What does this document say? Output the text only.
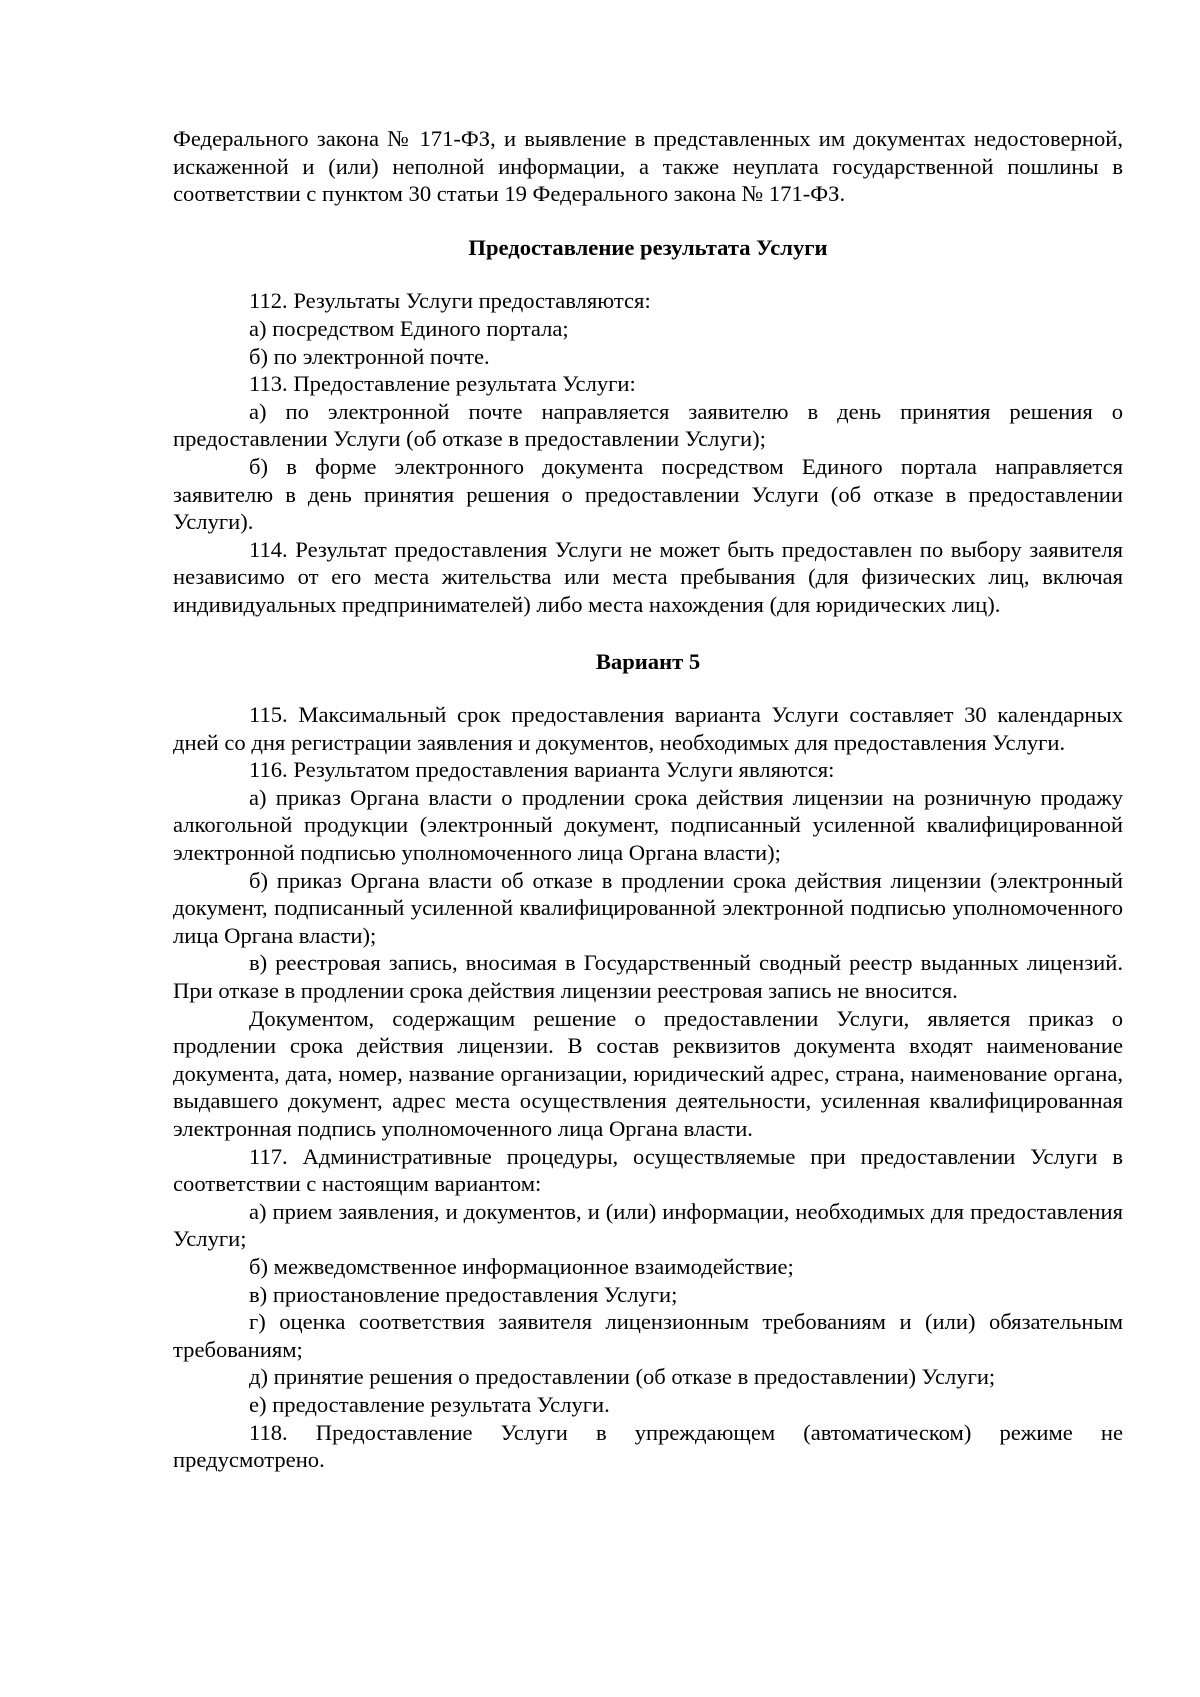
Федерального закона № 171-ФЗ, и выявление в представленных им документах недостоверной, искаженной и (или) неполной информации, а также неуплата государственной пошлины в соответствии с пунктом 30 статьи 19 Федерального закона № 171-ФЗ.

Предоставление результата Услуги

112. Результаты Услуги предоставляются:

а) посредством Единого портала;

б) по электронной почте.

113. Предоставление результата Услуги:

а) по электронной почте направляется заявителю в день принятия решения о предоставлении Услуги (об отказе в предоставлении Услуги);

б) в форме электронного документа посредством Единого портала направляется заявителю в день принятия решения о предоставлении Услуги (об отказе в предоставлении Услуги).

114. Результат предоставления Услуги не может быть предоставлен по выбору заявителя независимо от его места жительства или места пребывания (для физических лиц, включая индивидуальных предпринимателей) либо места нахождения (для юридических лиц).

Вариант 5

115. Максимальный срок предоставления варианта Услуги составляет 30 календарных дней со дня регистрации заявления и документов, необходимых для предоставления Услуги.

116. Результатом предоставления варианта Услуги являются:

а) приказ Органа власти о продлении срока действия лицензии на розничную продажу алкогольной продукции (электронный документ, подписанный усиленной квалифицированной электронной подписью уполномоченного лица Органа власти);

б) приказ Органа власти об отказе в продлении срока действия лицензии (электронный документ, подписанный усиленной квалифицированной электронной подписью уполномоченного лица Органа власти);

в) реестровая запись, вносимая в Государственный сводный реестр выданных лицензий. При отказе в продлении срока действия лицензии реестровая запись не вносится.

Документом, содержащим решение о предоставлении Услуги, является приказ о продлении срока действия лицензии. В состав реквизитов документа входят наименование документа, дата, номер, название организации, юридический адрес, страна, наименование органа, выдавшего документ, адрес места осуществления деятельности, усиленная квалифицированная электронная подпись уполномоченного лица Органа власти.

117. Административные процедуры, осуществляемые при предоставлении Услуги в соответствии с настоящим вариантом:

а) прием заявления, и документов, и (или) информации, необходимых для предоставления Услуги;

б) межведомственное информационное взаимодействие;

в) приостановление предоставления Услуги;

г) оценка соответствия заявителя лицензионным требованиям и (или) обязательным требованиям;

д) принятие решения о предоставлении (об отказе в предоставлении) Услуги;

е) предоставление результата Услуги.

118. Предоставление Услуги в упреждающем (автоматическом) режиме не предусмотрено.
